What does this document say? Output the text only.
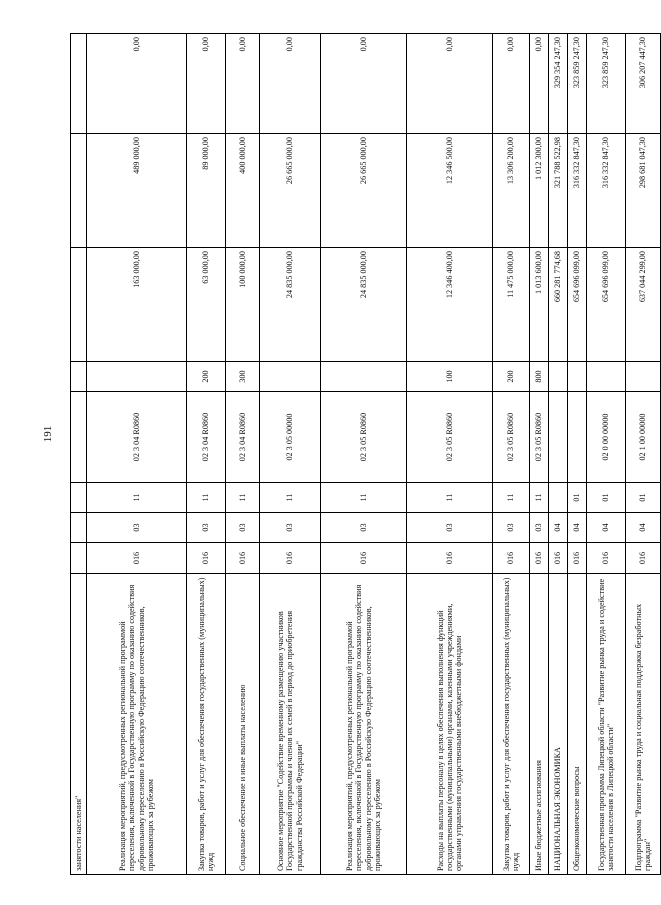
191
занятости населения"								
Реализация мероприятий, предусмотренных региональной программой переселения, включенной в Государственную программу по оказанию содействия добровольному переселению в Российскую Федерацию соотечественников, проживающих за рубежом	016	03	11	02 3 04 R0860		163 000,00	489 000,00	0,00
Закупка товаров, работ и услуг для обеспечения государственных (муниципальных) нужд	016	03	11	02 3 04 R0860	200	63 000,00	89 000,00	0,00
Социальное обеспечение и иные выплаты населению	016	03	11	02 3 04 R0860	300	100 000,00	400 000,00	0,00
Основное мероприятие "Содействие временному размещению участников Государственной программы и членов их семей в период до приобретения гражданства Российской Федерации"	016	03	11	02 3 05 00000		24 835 000,00	26 665 000,00	0,00
Реализация мероприятий, предусмотренных региональной программой переселения, включенной в Государственную программу по оказанию содействия добровольному переселению в Российскую Федерацию соотечественников, проживающих за рубежом	016	03	11	02 3 05 R0860		24 835 000,00	26 665 000,00	0,00
Расходы на выплаты персоналу в целях обеспечения выполнения функций государственными (муниципальными) органами, казенными учреждениями, органами управления государственными внебюджетными фондами	016	03	11	02 3 05 R0860	100	12 346 400,00	12 346 500,00	0,00
Закупка товаров, работ и услуг для обеспечения государственных (муниципальных) нужд	016	03	11	02 3 05 R0860	200	11 475 000,00	13 306 200,00	0,00
Иные бюджетные ассигнования	016	03	11	02 3 05 R0860	800	1 013 600,00	1 012 300,00	0,00
НАЦИОНАЛЬНАЯ ЭКОНОМИКА	016	04				660 281 774,68	321 788 522,98	329 354 247,30
Общеэкономические вопросы	016	04	01			654 696 099,00	316 332 847,30	323 859 247,30
Государственная программа Липецкой области "Развитие рынка труда и содействие занятости населения в Липецкой области"	016	04	01	02 0 00 00000		654 696 099,00	316 332 847,30	323 859 247,30
Подпрограмма "Развитие рынка труда и социальная поддержка безработных граждан"	016	04	01	02 1 00 00000		637 044 299,00	298 681 047,30	306 207 447,30
